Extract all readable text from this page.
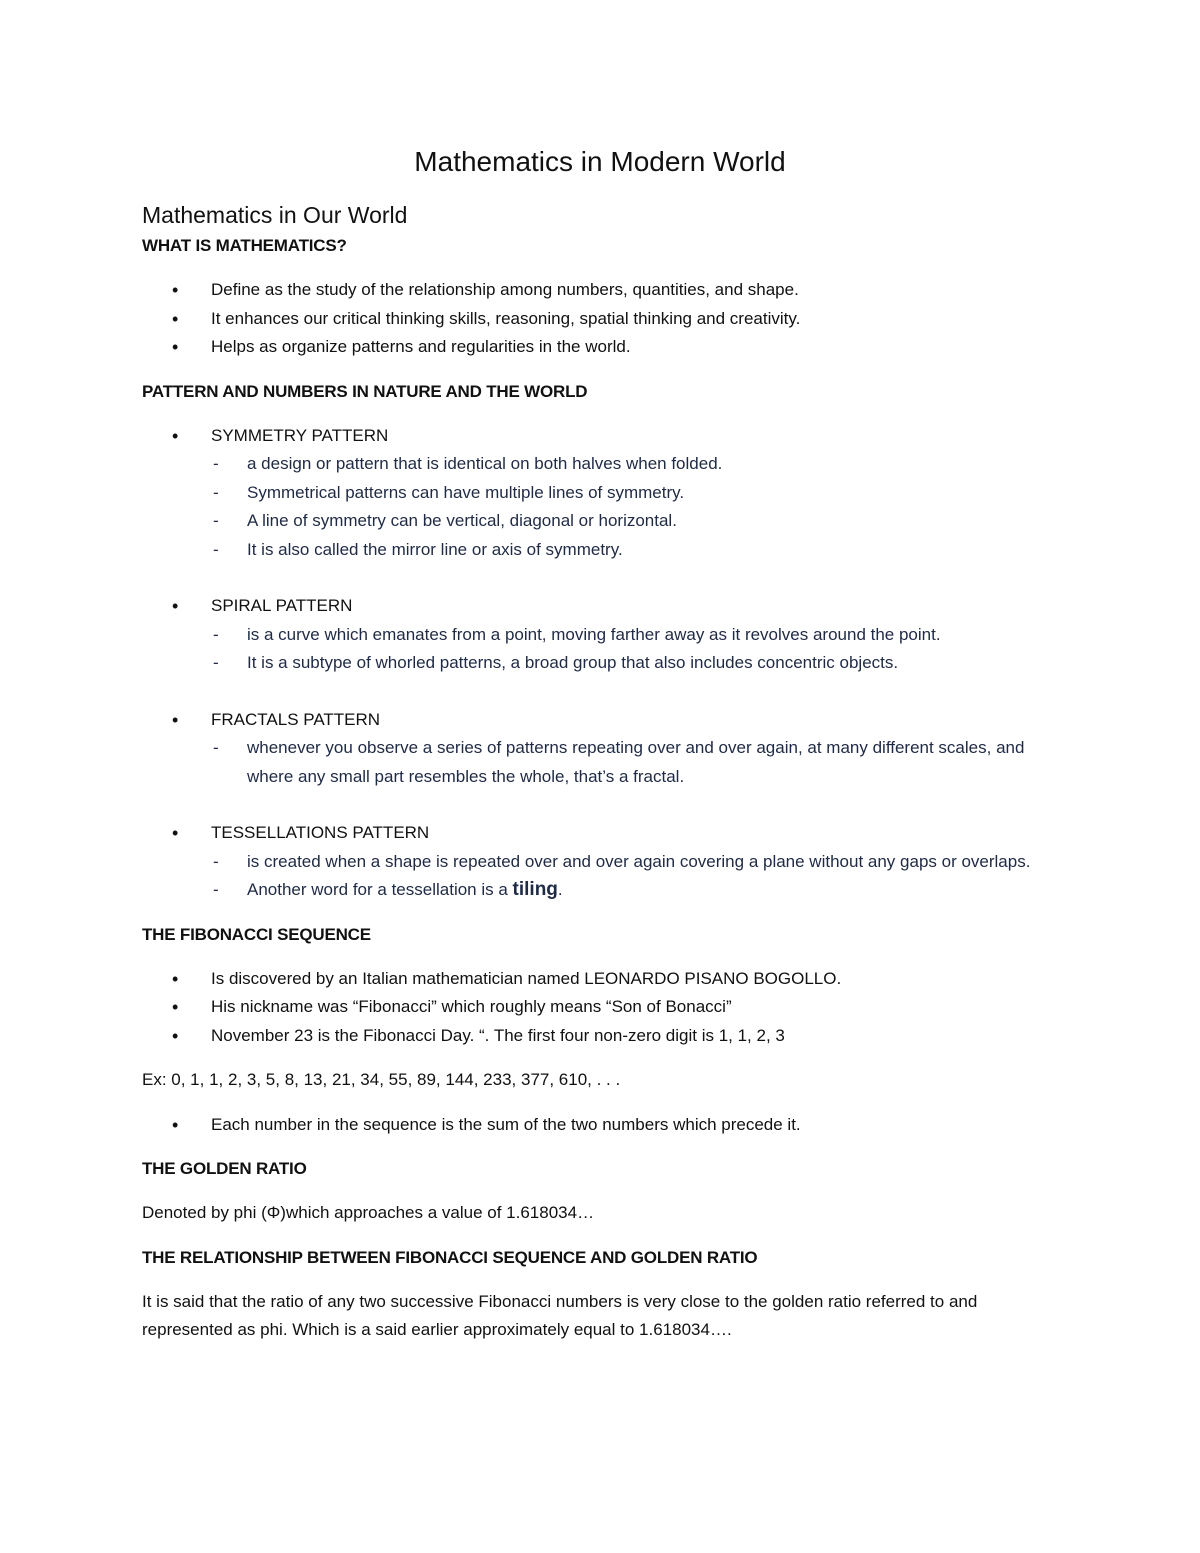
Mathematics in Modern World
Mathematics in Our World
WHAT IS MATHEMATICS?
• Define as the study of the relationship among numbers, quantities, and shape.
• It enhances our critical thinking skills, reasoning, spatial thinking and creativity.
• Helps as organize patterns and regularities in the world.
PATTERN AND NUMBERS IN NATURE AND THE WORLD
• SYMMETRY PATTERN
- a design or pattern that is identical on both halves when folded.
- Symmetrical patterns can have multiple lines of symmetry.
- A line of symmetry can be vertical, diagonal or horizontal.
- It is also called the mirror line or axis of symmetry.
• SPIRAL PATTERN
- is a curve which emanates from a point, moving farther away as it revolves around the point.
- It is a subtype of whorled patterns, a broad group that also includes concentric objects.
• FRACTALS PATTERN
- whenever you observe a series of patterns repeating over and over again, at many different scales, and where any small part resembles the whole, that’s a fractal.
• TESSELLATIONS PATTERN
- is created when a shape is repeated over and over again covering a plane without any gaps or overlaps.
- Another word for a tessellation is a tiling.
THE FIBONACCI SEQUENCE
• Is discovered by an Italian mathematician named LEONARDO PISANO BOGOLLO.
• His nickname was “Fibonacci” which roughly means “Son of Bonacci”
• November 23 is the Fibonacci Day. “. The first four non-zero digit is 1, 1, 2, 3

Ex: 0, 1, 1, 2, 3, 5, 8, 13, 21, 34, 55, 89, 144, 233, 377, 610, . . .

• Each number in the sequence is the sum of the two numbers which precede it.
THE GOLDEN RATIO

Denoted by phi (Φ)which approaches a value of 1.618034…

THE RELATIONSHIP BETWEEN FIBONACCI SEQUENCE AND GOLDEN RATIO

It is said that the ratio of any two successive Fibonacci numbers is very close to the golden ratio referred to and represented as phi. Which is a said earlier approximately equal to 1.618034….
